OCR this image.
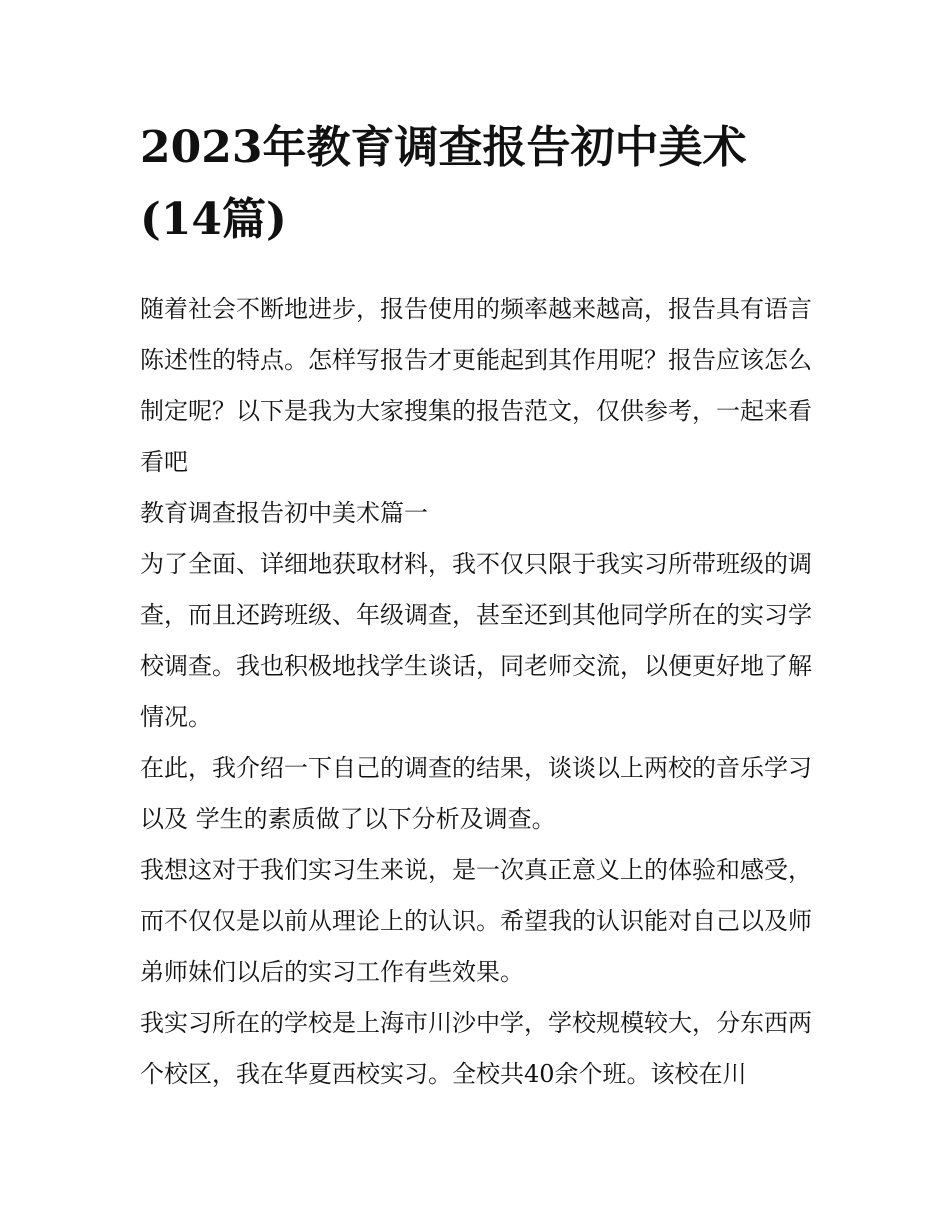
2023年教育调查报告初中美术(14篇)

随着社会不断地进步，报告使用的频率越来越高，报告具有语言陈述性的特点。怎样写报告才更能起到其作用呢？报告应该怎么制定呢？以下是我为大家搜集的报告范文，仅供参考，一起来看看吧

教育调查报告初中美术篇一

为了全面、详细地获取材料，我不仅只限于我实习所带班级的调查，而且还跨班级、年级调查，甚至还到其他同学所在的实习学校调查。我也积极地找学生谈话，同老师交流，以便更好地了解情况。

在此，我介绍一下自己的调查的结果，谈谈以上两校的音乐学习以及 学生的素质做了以下分析及调查。

我想这对于我们实习生来说，是一次真正意义上的体验和感受，而不仅仅是以前从理论上的认识。希望我的认识能对自己以及师弟师妹们以后的实习工作有些效果。

我实习所在的学校是上海市川沙中学，学校规模较大，分东西两个校区，我在华夏西校实习。全校共40余个班。该校在川
